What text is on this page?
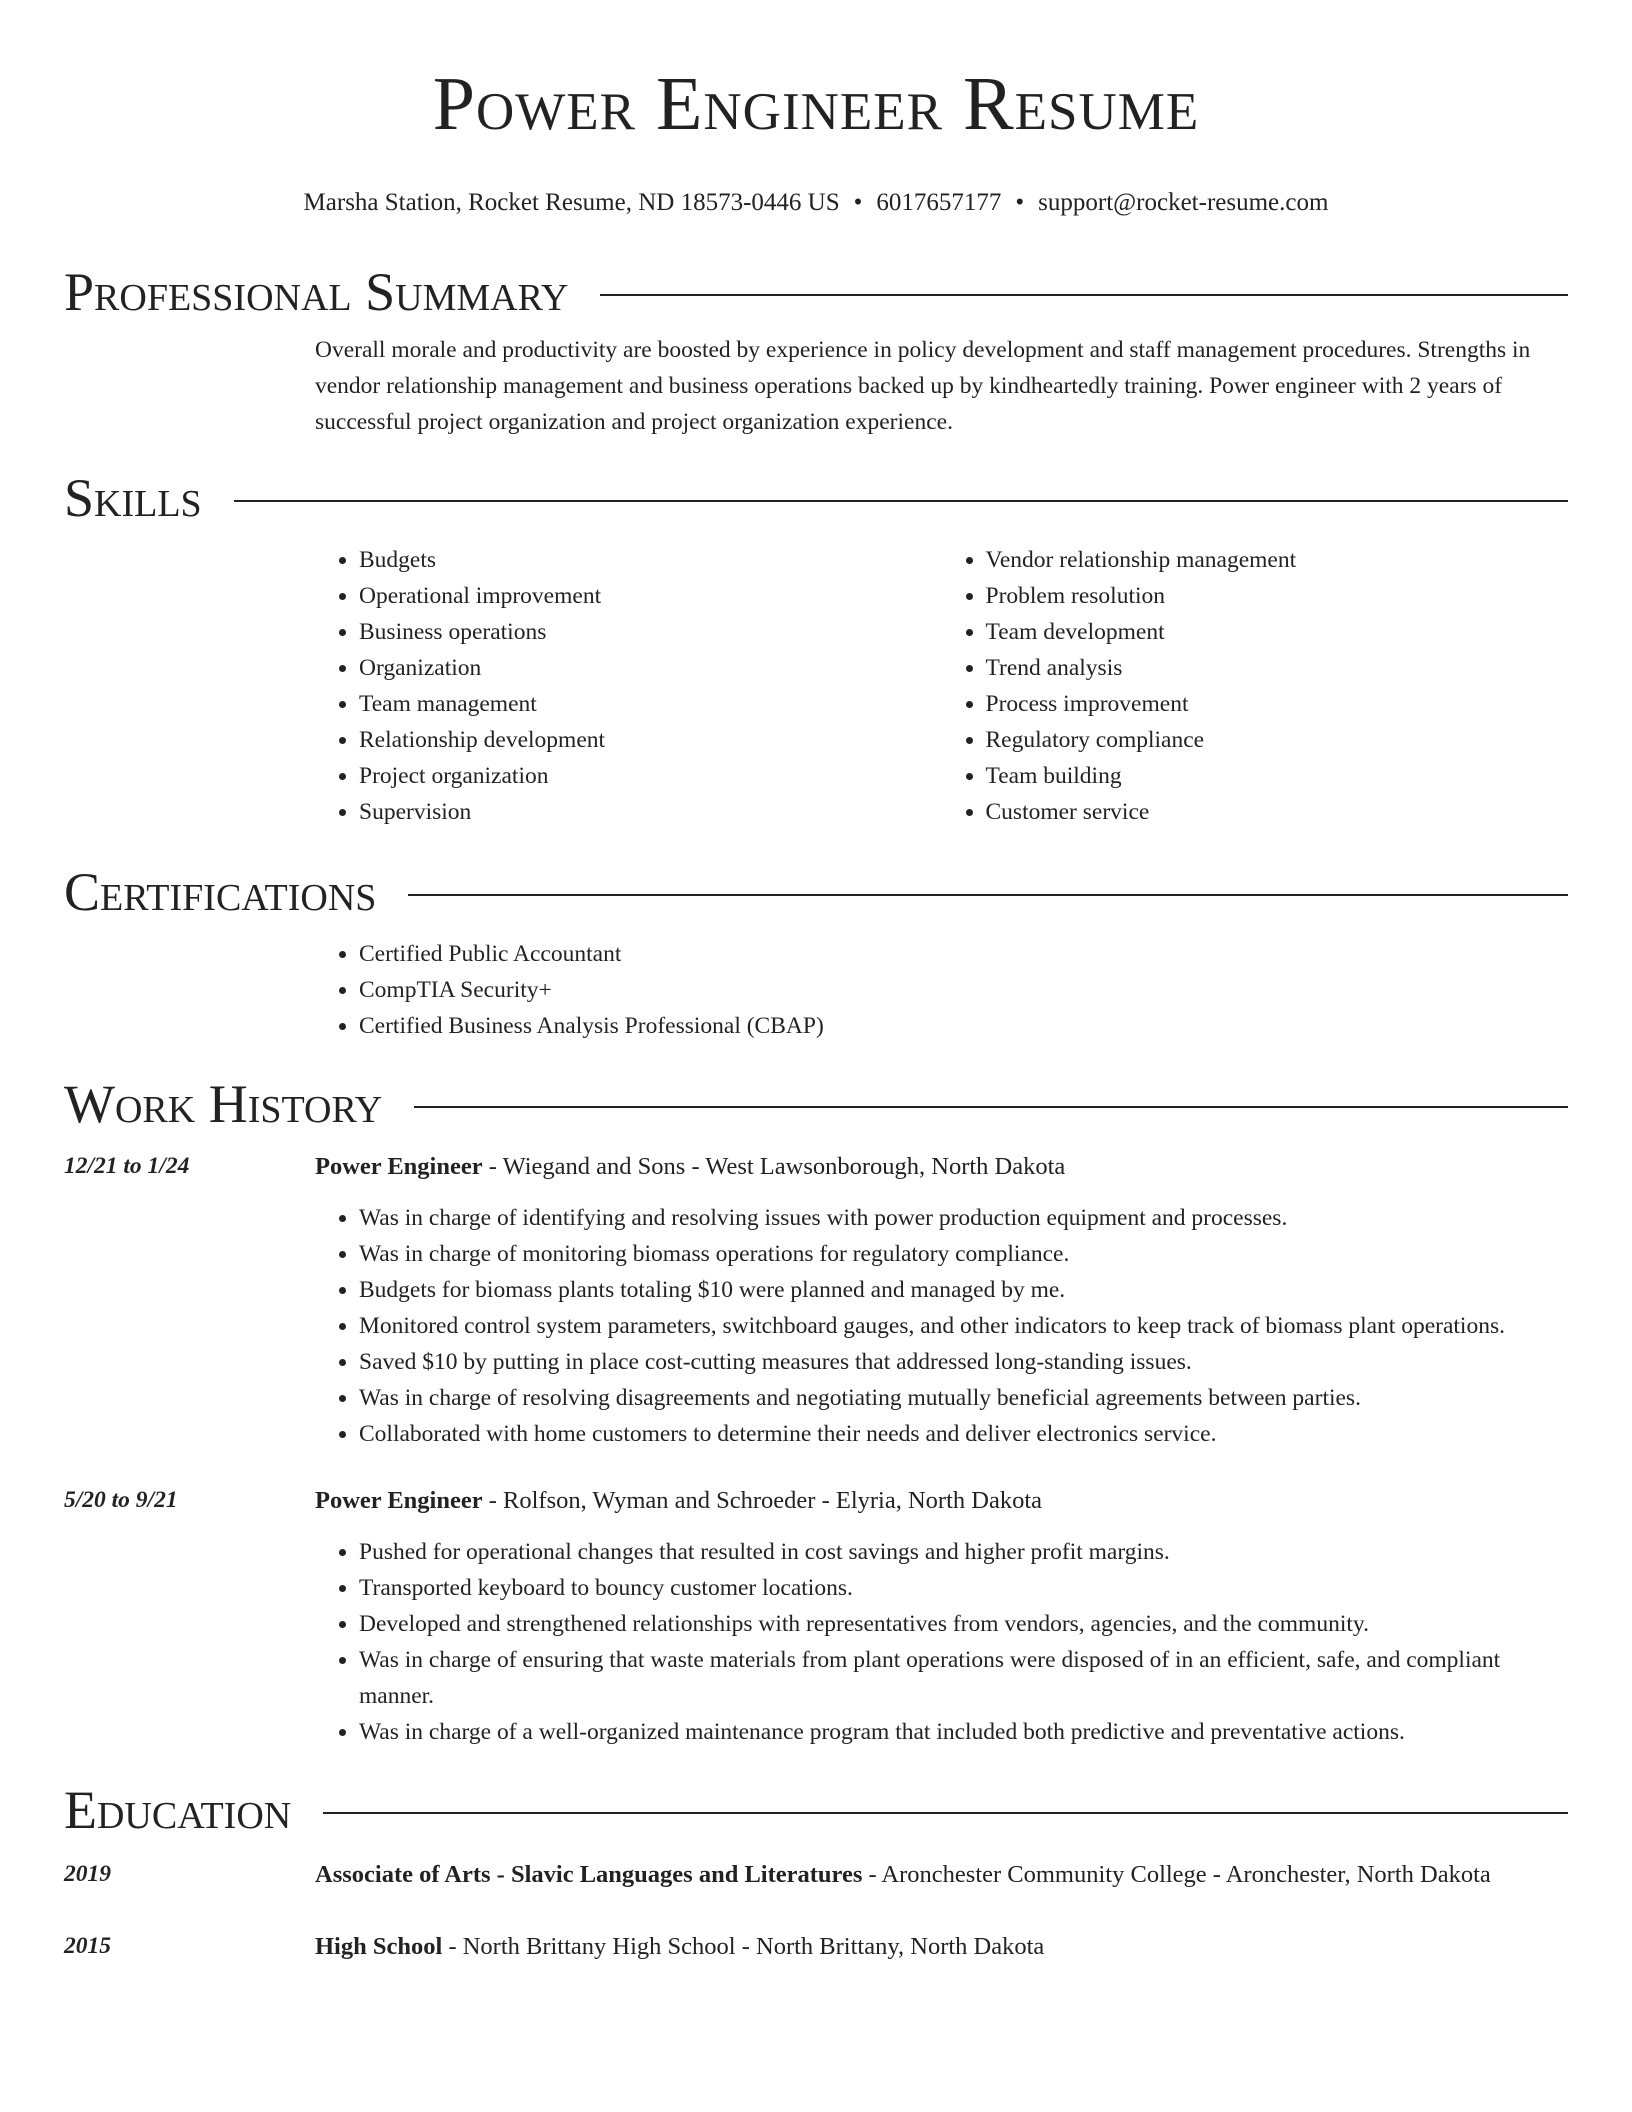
Power Engineer Resume
Marsha Station, Rocket Resume, ND 18573-0446 US • 6017657177 • support@rocket-resume.com
Professional Summary

Overall morale and productivity are boosted by experience in policy development and staff management procedures. Strengths in vendor relationship management and business operations backed up by kindheartedly training. Power engineer with 2 years of successful project organization and project organization experience.

Skills
• Budgets
• Operational improvement
• Business operations
• Organization
• Team management
• Relationship development
• Project organization
• Supervision
• Vendor relationship management
• Problem resolution
• Team development
• Trend analysis
• Process improvement
• Regulatory compliance
• Team building
• Customer service
Certifications
• Certified Public Accountant
• CompTIA Security+
• Certified Business Analysis Professional (CBAP)
Work History
12/21 to 1/24	Power Engineer - Wiegand and Sons - West Lawsonborough, North Dakota
• Was in charge of identifying and resolving issues with power production equipment and processes.
• Was in charge of monitoring biomass operations for regulatory compliance.
• Budgets for biomass plants totaling $10 were planned and managed by me.
• Monitored control system parameters, switchboard gauges, and other indicators to keep track of biomass plant operations.
• Saved $10 by putting in place cost-cutting measures that addressed long-standing issues.
• Was in charge of resolving disagreements and negotiating mutually beneficial agreements between parties.
• Collaborated with home customers to determine their needs and deliver electronics service.
5/20 to 9/21	Power Engineer - Rolfson, Wyman and Schroeder - Elyria, North Dakota
• Pushed for operational changes that resulted in cost savings and higher profit margins.
• Transported keyboard to bouncy customer locations.
• Developed and strengthened relationships with representatives from vendors, agencies, and the community.
• Was in charge of ensuring that waste materials from plant operations were disposed of in an efficient, safe, and compliant manner.
• Was in charge of a well-organized maintenance program that included both predictive and preventative actions.
Education
2019	Associate of Arts - Slavic Languages and Literatures - Aronchester Community College - Aronchester, North Dakota
2015	High School - North Brittany High School - North Brittany, North Dakota
